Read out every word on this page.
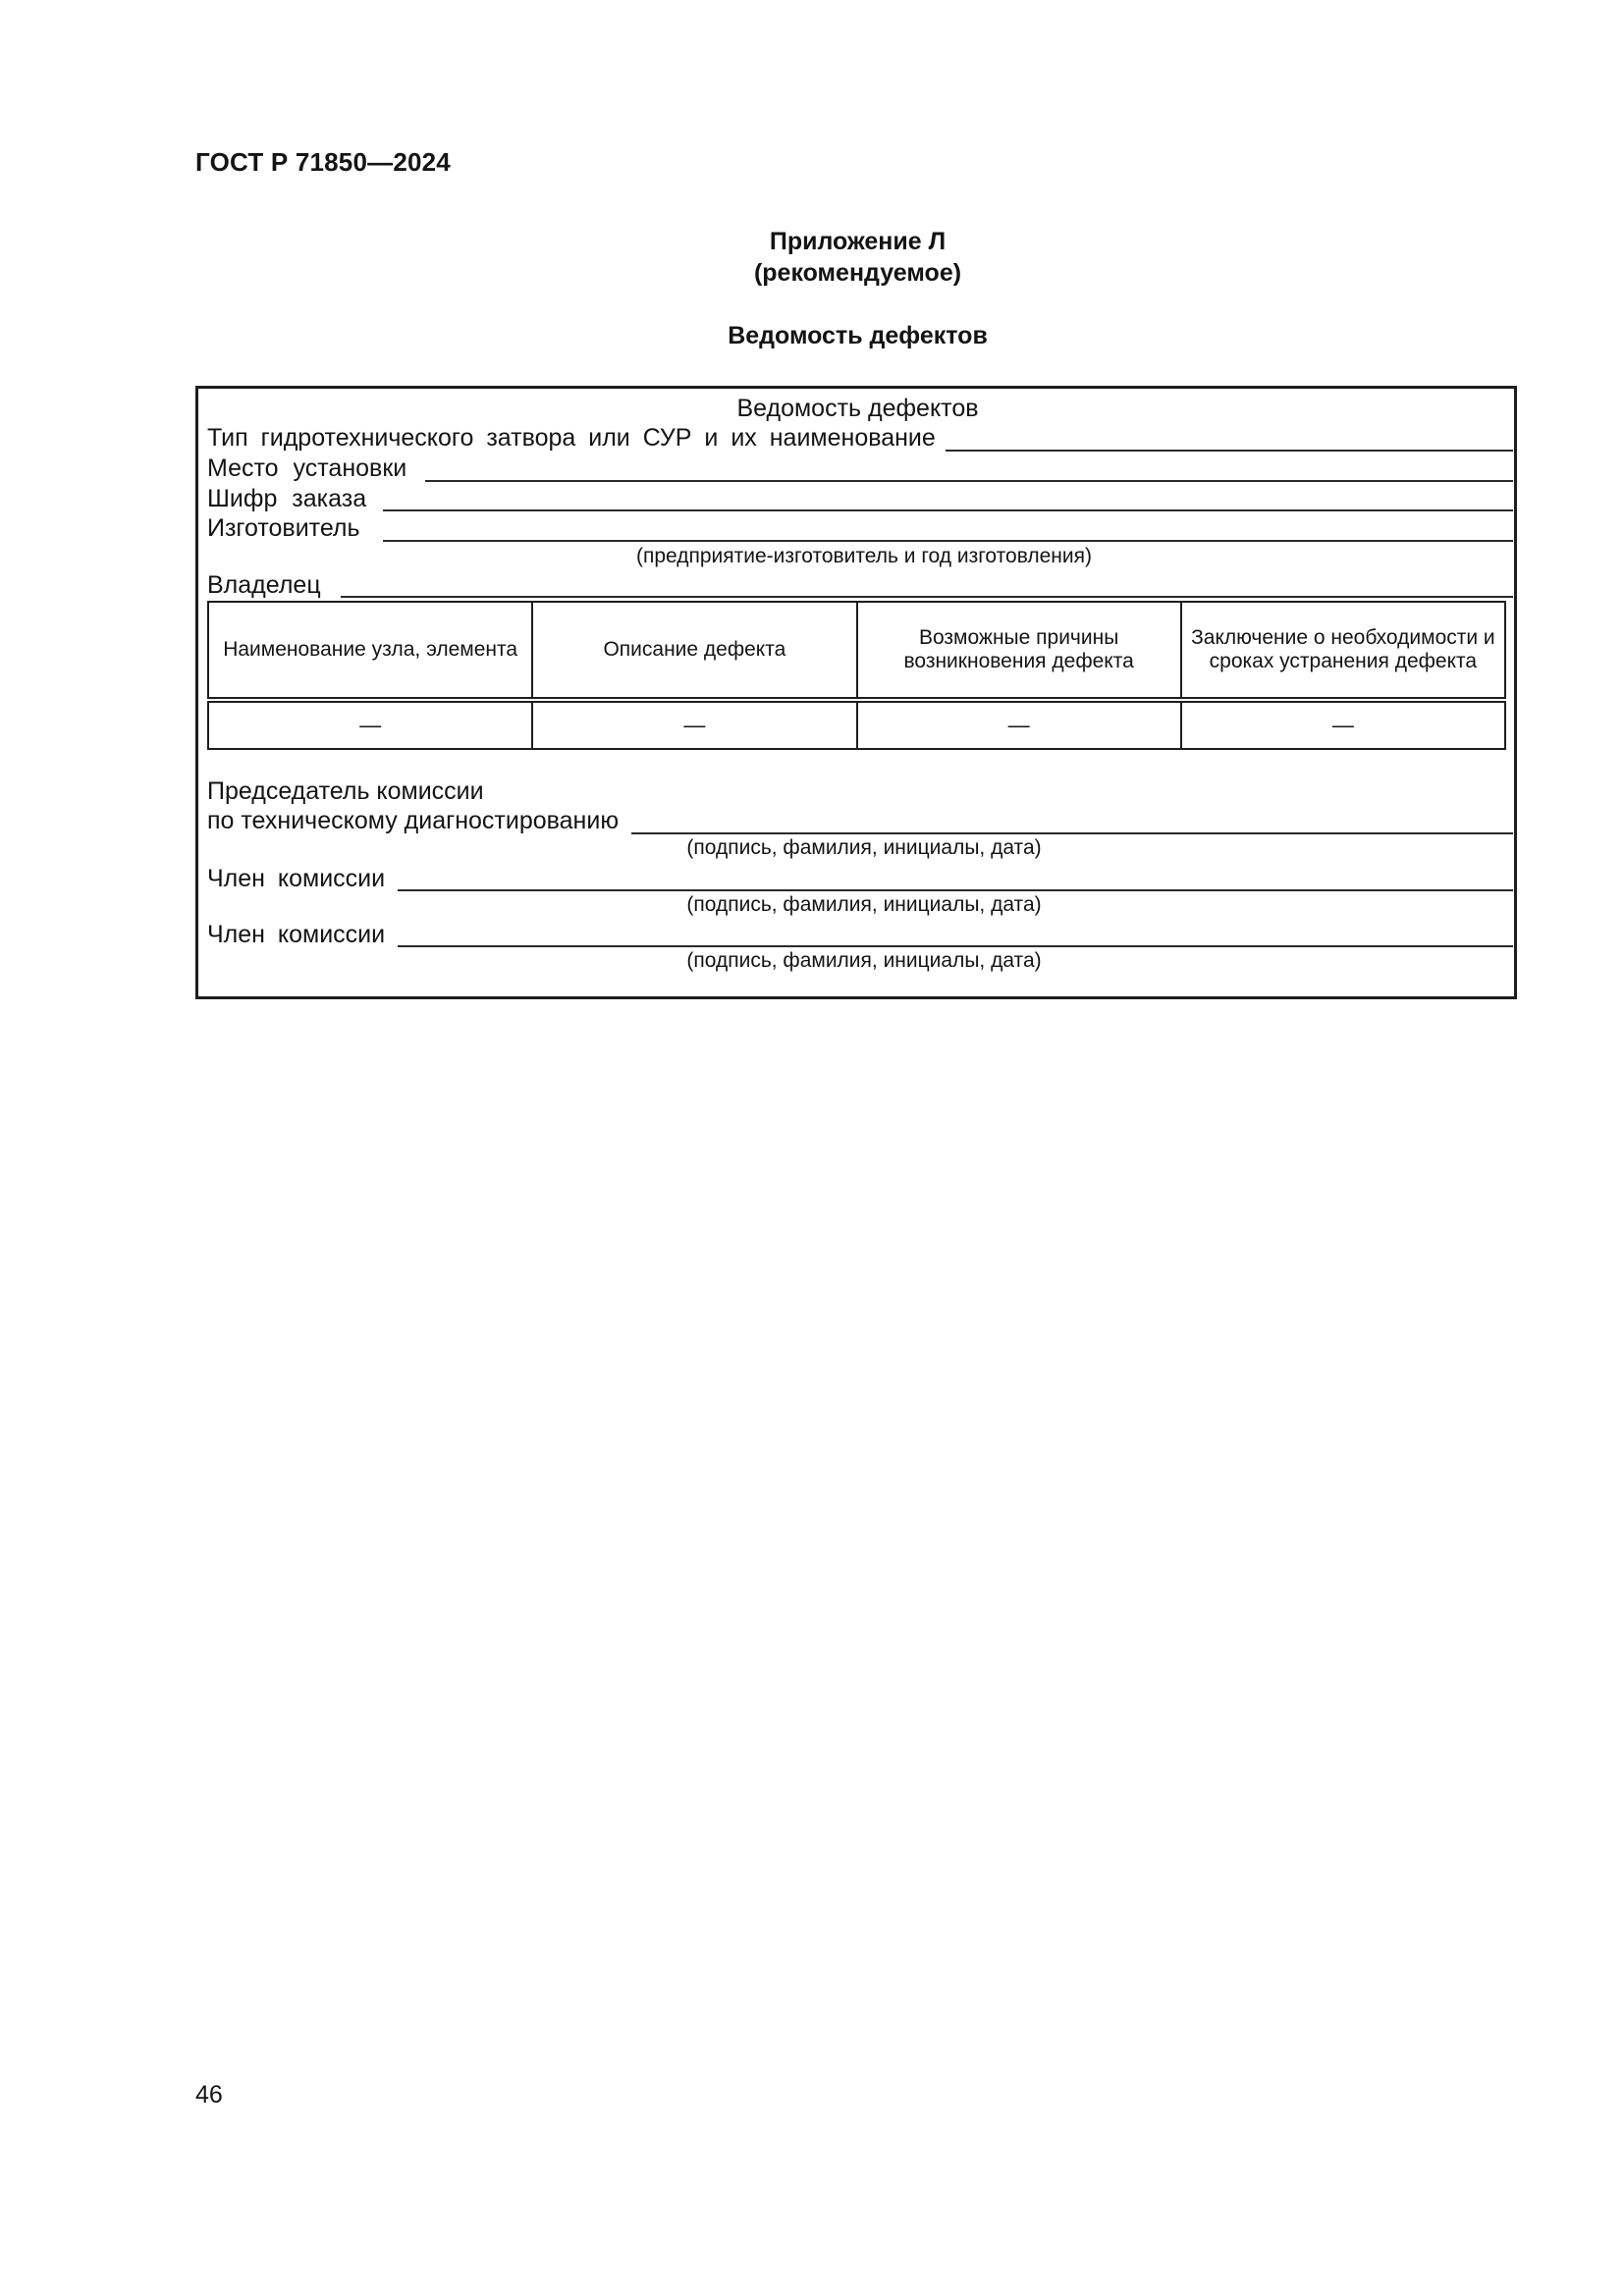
ГОСТ Р 71850—2024
Приложение Л
(рекомендуемое)
Ведомость дефектов
Ведомость дефектов
Тип гидротехнического затвора или СУР и их наименование
Место установки
Шифр заказа
Изготовитель
(предприятие-изготовитель и год изготовления)
Владелец
Наименование узла, элемента	Описание дефекта	Возможные причины возникновения дефекта	Заключение о необходимости и сроках устранения дефекта
—	—	—	—
Председатель комиссии
по техническому диагностированию
(подпись, фамилия, инициалы, дата)
Член комиссии
(подпись, фамилия, инициалы, дата)
Член комиссии
(подпись, фамилия, инициалы, дата)
46
